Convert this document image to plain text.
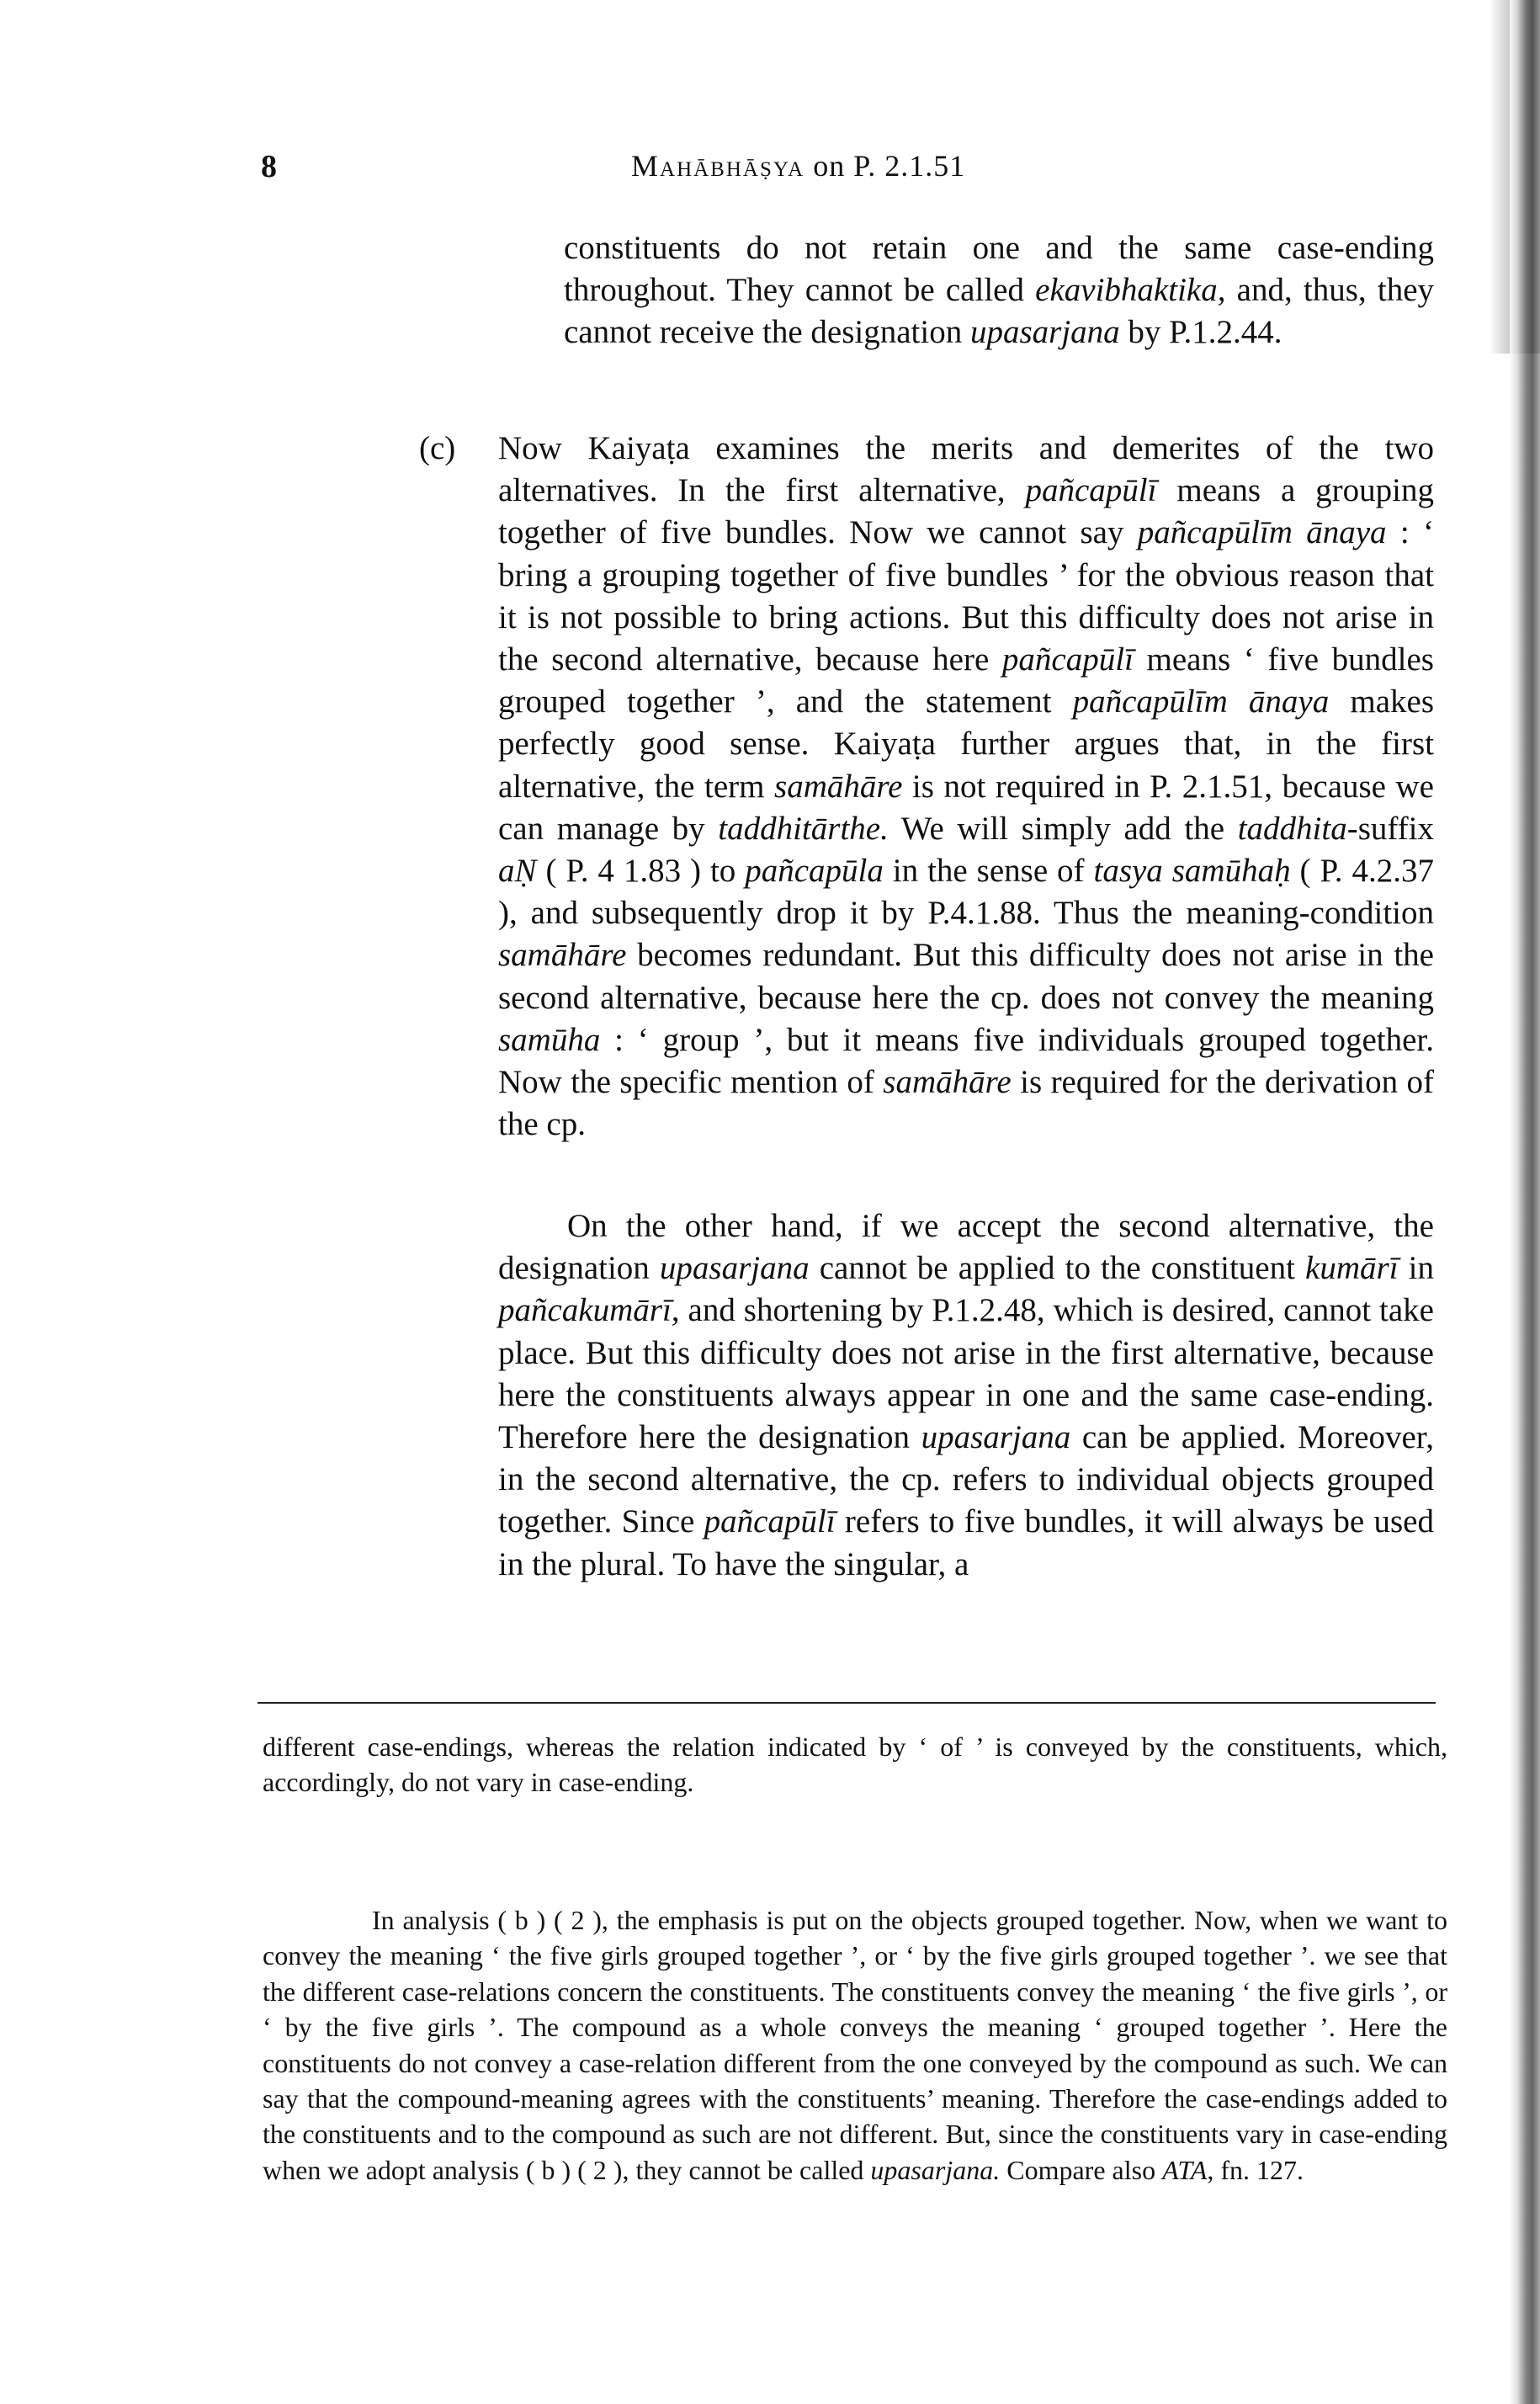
8	Mahābhāṣya on P. 2.1.51

constituents do not retain one and the same case-ending throughout. They cannot be called ekavibhaktika, and, thus, they cannot receive the designation upasarjana by P.1.2.44.

(c) Now Kaiyaṭa examines the merits and demerites of the two alternatives. In the first alternative, pañcapūlī means a grouping together of five bundles. Now we cannot say pañcapūlīm ānaya : ‘ bring a grouping together of five bundles ’ for the obvious reason that it is not possible to bring actions. But this difficulty does not arise in the second alternative, because here pañcapūlī means ‘ five bundles grouped together ’, and the statement pañcapūlīm ānaya makes perfectly good sense. Kaiyaṭa further argues that, in the first alternative, the term samāhāre is not required in P. 2.1.51, because we can manage by taddhitārthe. We will simply add the taddhita-suffix aṆ ( P. 4 1.83 ) to pañcapūla in the sense of tasya samūhaḥ ( P. 4.2.37 ), and subsequently drop it by P.4.1.88. Thus the meaning-condition samāhāre becomes redundant. But this difficulty does not arise in the second alternative, because here the cp. does not convey the meaning samūha : ‘ group ’, but it means five individuals grouped together. Now the specific mention of samāhāre is required for the derivation of the cp.

On the other hand, if we accept the second alternative, the designation upasarjana cannot be applied to the constituent kumārī in pañcakumārī, and shortening by P.1.2.48, which is desired, cannot take place. But this difficulty does not arise in the first alternative, because here the constituents always appear in one and the same case-ending. Therefore here the designation upasarjana can be applied. Moreover, in the second alternative, the cp. refers to individual objects grouped together. Since pañcapūlī refers to five bundles, it will always be used in the plural. To have the singular, a

different case-endings, whereas the relation indicated by ‘ of ’ is conveyed by the constituents, which, accordingly, do not vary in case-ending.

In analysis ( b ) ( 2 ), the emphasis is put on the objects grouped together. Now, when we want to convey the meaning ‘ the five girls grouped together ’, or ‘ by the five girls grouped together ’. we see that the different case-relations concern the constituents. The constituents convey the meaning ‘ the five girls ’, or ‘ by the five girls ’. The compound as a whole conveys the meaning ‘ grouped together ’. Here the constituents do not convey a case-relation different from the one conveyed by the compound as such. We can say that the compound-meaning agrees with the constituents’ meaning. Therefore the case-endings added to the constituents and to the compound as such are not different. But, since the constituents vary in case-ending when we adopt analysis ( b ) ( 2 ), they cannot be called upasarjana. Compare also ATA, fn. 127.
